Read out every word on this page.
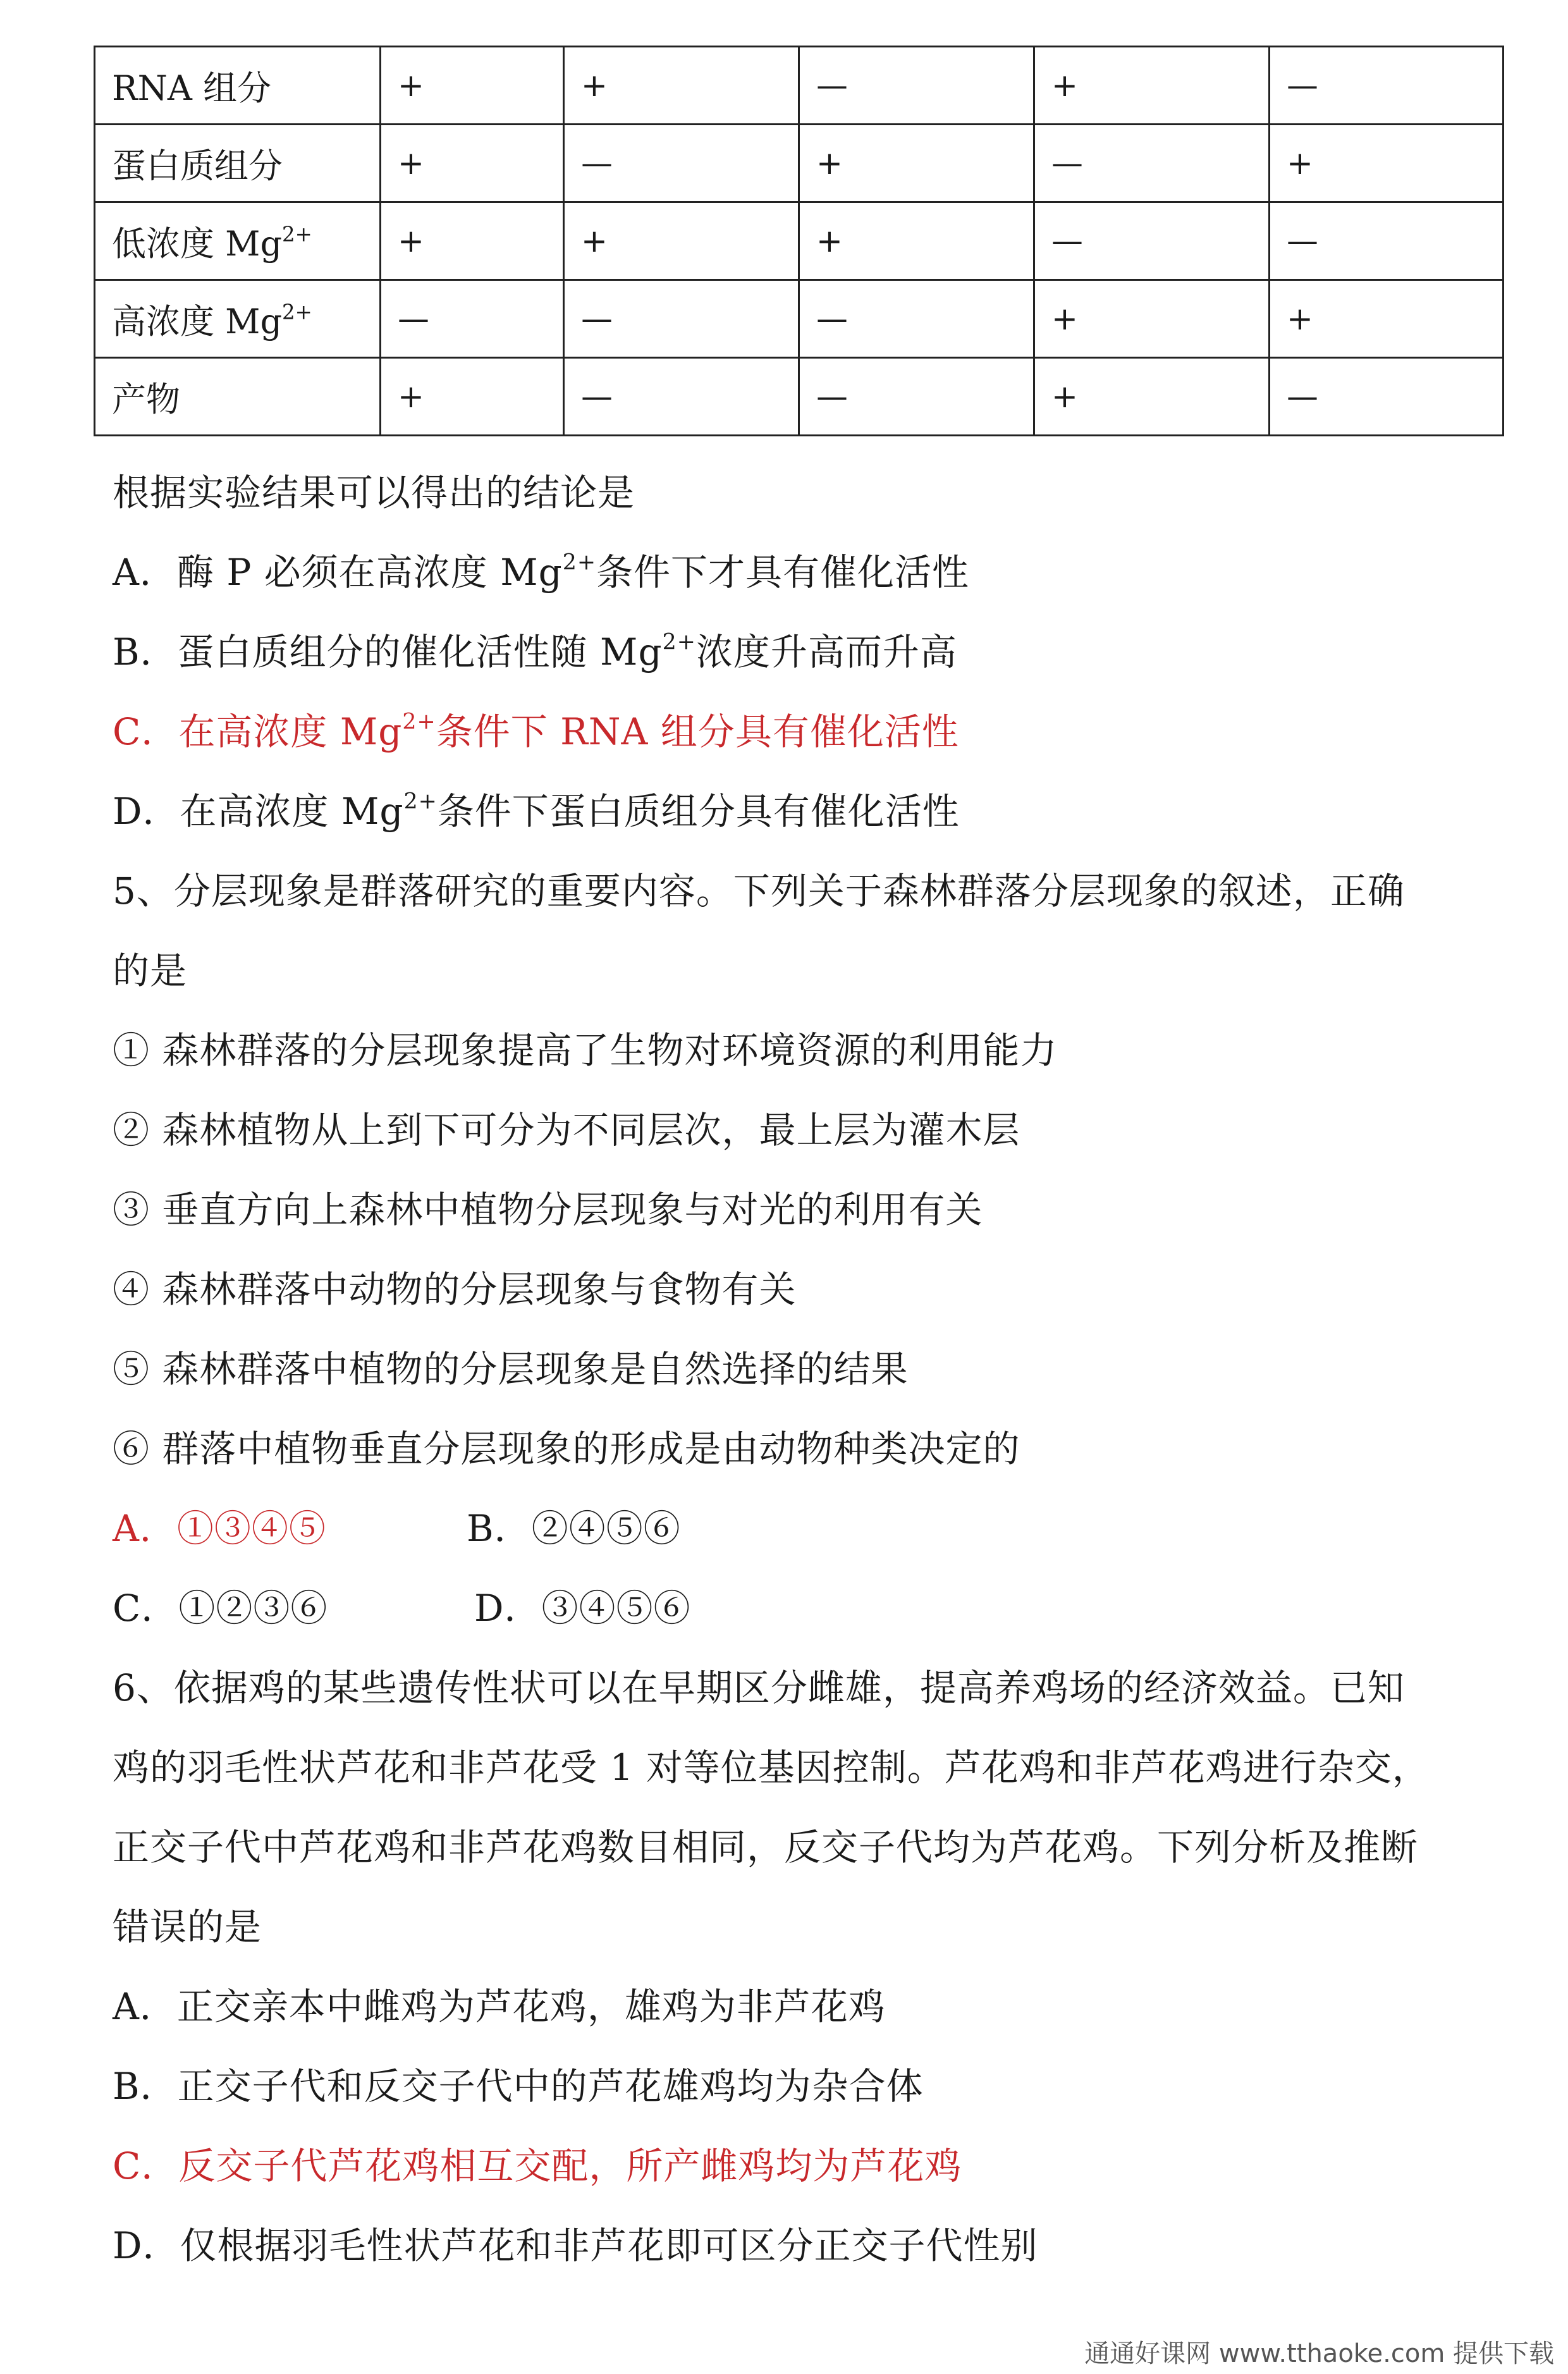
RNA 组分	+	+	—	+	—
蛋白质组分	+	—	+	—	+
低浓度 $Mg^{2+}$	+	+	+	—	—
高浓度 $Mg^{2+}$	—	—	—	+	+
产物	+	—	—	+	—
根据实验结果可以得出的结论是
A．酶 P 必须在高浓度 $Mg^{2+}$条件下才具有催化活性
B．蛋白质组分的催化活性随 $Mg^{2+}$浓度升高而升高
C．在高浓度 $Mg^{2+}$条件下 RNA 组分具有催化活性
D．在高浓度 $Mg^{2+}$条件下蛋白质组分具有催化活性
5、分层现象是群落研究的重要内容。下列关于森林群落分层现象的叙述，正确
的是
① 森林群落的分层现象提高了生物对环境资源的利用能力
② 森林植物从上到下可分为不同层次，最上层为灌木层
③ 垂直方向上森林中植物分层现象与对光的利用有关
④ 森林群落中动物的分层现象与食物有关
⑤ 森林群落中植物的分层现象是自然选择的结果
⑥ 群落中植物垂直分层现象的形成是由动物种类决定的
A．①③④⑤	B．②④⑤⑥
C．①②③⑥	D．③④⑤⑥
6、依据鸡的某些遗传性状可以在早期区分雌雄，提高养鸡场的经济效益。已知
鸡的羽毛性状芦花和非芦花受 1 对等位基因控制。芦花鸡和非芦花鸡进行杂交，
正交子代中芦花鸡和非芦花鸡数目相同，反交子代均为芦花鸡。下列分析及推断
错误的是
A．正交亲本中雌鸡为芦花鸡，雄鸡为非芦花鸡
B．正交子代和反交子代中的芦花雄鸡均为杂合体
C．反交子代芦花鸡相互交配，所产雌鸡均为芦花鸡
D．仅根据羽毛性状芦花和非芦花即可区分正交子代性别
通通好课网 www.tthaoke.com 提供下载
